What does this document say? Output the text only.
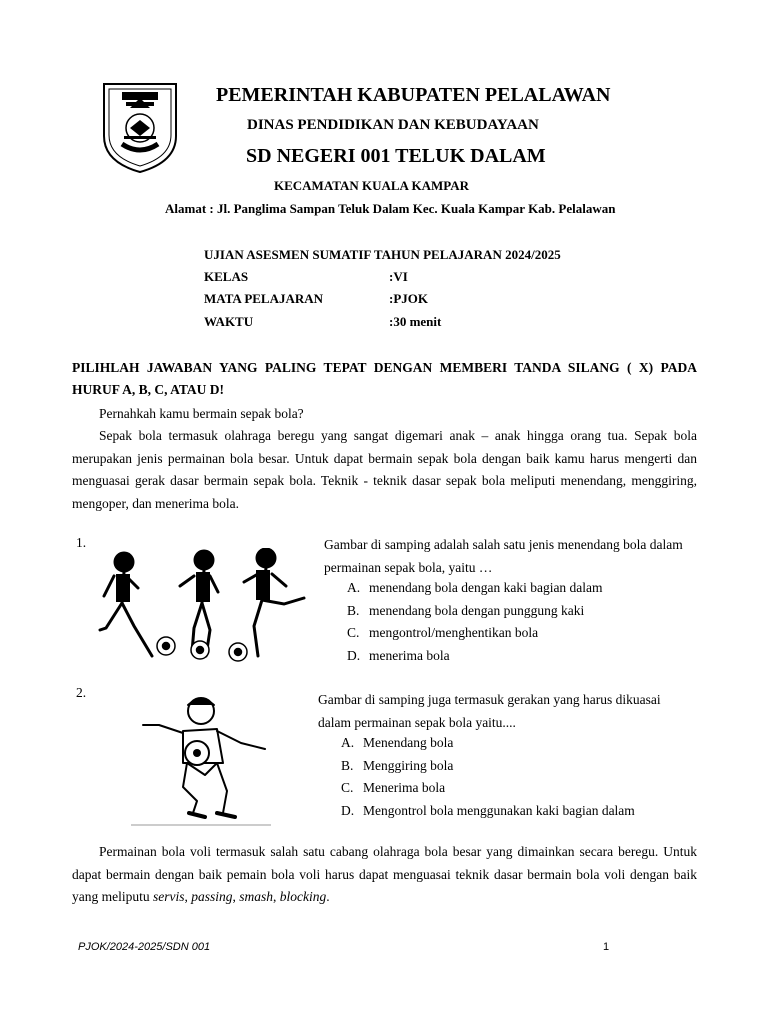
PEMERINTAH KABUPATEN PELALAWAN
DINAS PENDIDIKAN DAN KEBUDAYAAN
SD NEGERI 001 TELUK DALAM
KECAMATAN KUALA KAMPAR
Alamat : Jl. Panglima Sampan Teluk Dalam Kec. Kuala Kampar Kab. Pelalawan
UJIAN ASESMEN SUMATIF TAHUN PELAJARAN 2024/2025
KELAS	:VI
MATA PELAJARAN	:PJOK
WAKTU	:30 menit
PILIHLAH JAWABAN YANG PALING TEPAT DENGAN MEMBERI TANDA SILANG ( X) PADA HURUF A, B, C, ATAU D!
Pernahkah kamu bermain sepak bola?
Sepak bola termasuk olahraga beregu yang sangat digemari anak – anak hingga orang tua. Sepak bola merupakan jenis permainan bola besar. Untuk dapat bermain sepak bola dengan baik kamu harus mengerti dan menguasai gerak dasar bermain sepak bola. Teknik - teknik dasar sepak bola meliputi menendang, menggiring, mengoper, dan menerima bola.
1.	Gambar di samping adalah salah satu jenis menendang bola dalam permainan sepak bola, yaitu …
A. menendang bola dengan kaki bagian dalam
B. menendang bola dengan punggung kaki
C. mengontrol/menghentikan bola
D. menerima bola
2.	Gambar di samping juga termasuk gerakan yang harus dikuasai dalam permainan sepak bola yaitu....
A. Menendang bola
B. Menggiring bola
C. Menerima bola
D. Mengontrol bola menggunakan kaki bagian dalam
Permainan bola voli termasuk salah satu cabang olahraga bola besar yang dimainkan secara beregu. Untuk dapat bermain dengan baik pemain bola voli harus dapat menguasai teknik dasar bermain bola voli dengan baik yang meliputu servis, passing, smash, blocking.
PJOK/2024-2025/SDN 001	1
